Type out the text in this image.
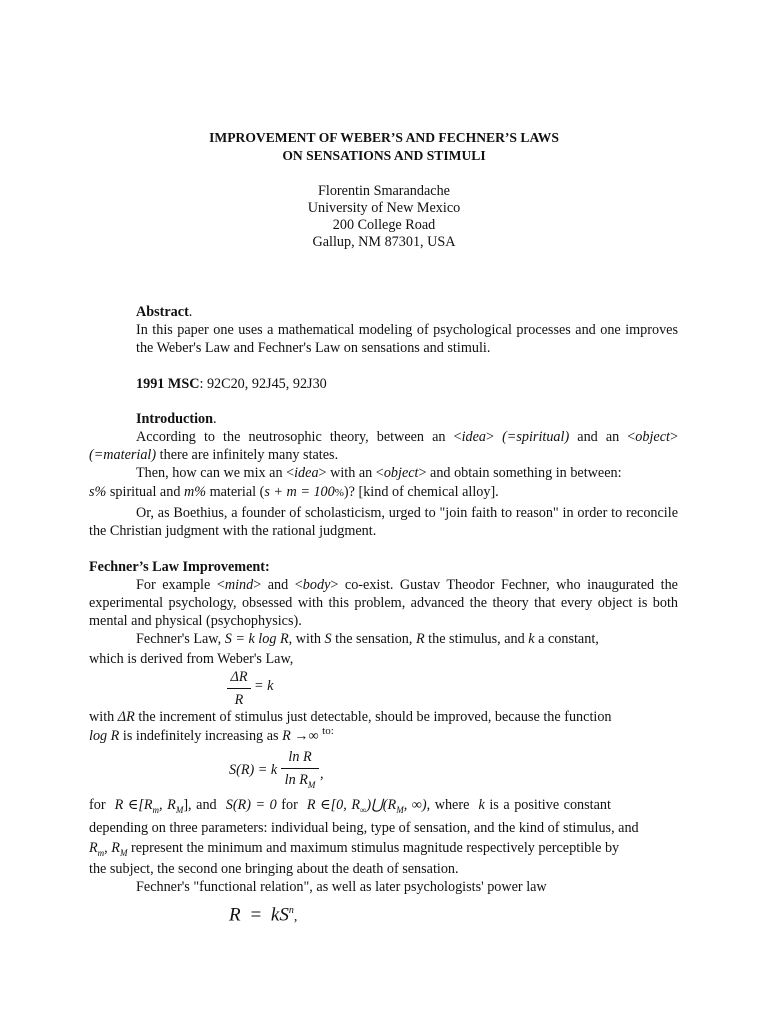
IMPROVEMENT OF WEBER’S AND FECHNER’S LAWS
ON SENSATIONS AND STIMULI
Florentin Smarandache
University of New Mexico
200 College Road
Gallup, NM 87301, USA
Abstract.
In this paper one uses a mathematical modeling of psychological processes and one improves the Weber's Law and Fechner's Law on sensations and stimuli.
1991 MSC: 92C20, 92J45, 92J30
Introduction.
According to the neutrosophic theory, between an <idea> (=spiritual) and an <object> (=material) there are infinitely many states.
Then, how can we mix an <idea> with an <object> and obtain something in between:
s% spiritual and m% material (s + m = 100%)? [kind of chemical alloy].
Or, as Boethius, a founder of scholasticism, urged to "join faith to reason" in order to reconcile the Christian judgment with the rational judgment.
Fechner’s Law Improvement:
For example <mind> and <body> co-exist. Gustav Theodor Fechner, who inaugurated the experimental psychology, obsessed with this problem, advanced the theory that every object is both mental and physical (psychophysics).
Fechner's Law, S = k log R, with S the sensation, R the stimulus, and k a constant,
which is derived from Weber's Law,
ΔR
R
= k
with ΔR the increment of stimulus just detectable, should be improved, because the function
log R is indefinitely increasing as R →∞ $^{to:}$
S(R) = k
ln R
$\ln R_M$
,
for R $\in[R_m$, $R_M$], and  S(R) = 0 for  R ∈[0, $R_\infty)⋃(R_M$, ∞), where  k is a positive constant
depending on three parameters: individual being, type of sensation, and the kind of stimulus, and
$R_m$, $R_M$ represent the minimum and maximum stimulus magnitude respectively perceptible by
the subject, the second one bringing about the death of sensation.
Fechner's "functional relation", as well as later psychologists' power law
$R = kS^n$,
